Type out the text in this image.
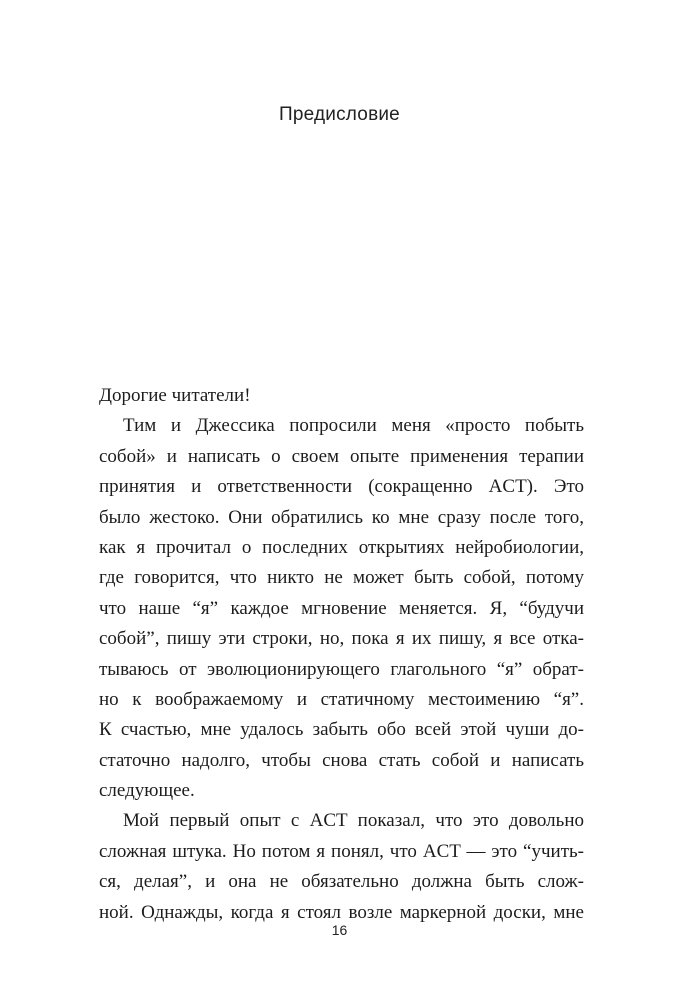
Предисловие
Дорогие читатели!
Тим и Джессика попросили меня «просто побыть
собой» и написать о своем опыте применения терапии
принятия и ответственности (сокращенно ACT). Это
было жестоко. Они обратились ко мне сразу после того,
как я прочитал о последних открытиях нейробиологии,
где говорится, что никто не может быть собой, потому
что наше “я” каждое мгновение меняется. Я, “будучи
собой”, пишу эти строки, но, пока я их пишу, я все отка-
тываюсь от эволюционирующего глагольного “я” обрат-
но к воображаемому и статичному местоимению “я”.
К счастью, мне удалось забыть обо всей этой чуши до-
статочно надолго, чтобы снова стать собой и написать
следующее.
Мой первый опыт с ACT показал, что это довольно
сложная штука. Но потом я понял, что ACT — это “учить-
ся, делая”, и она не обязательно должна быть слож-
ной. Однажды, когда я стоял возле маркерной доски, мне
16
